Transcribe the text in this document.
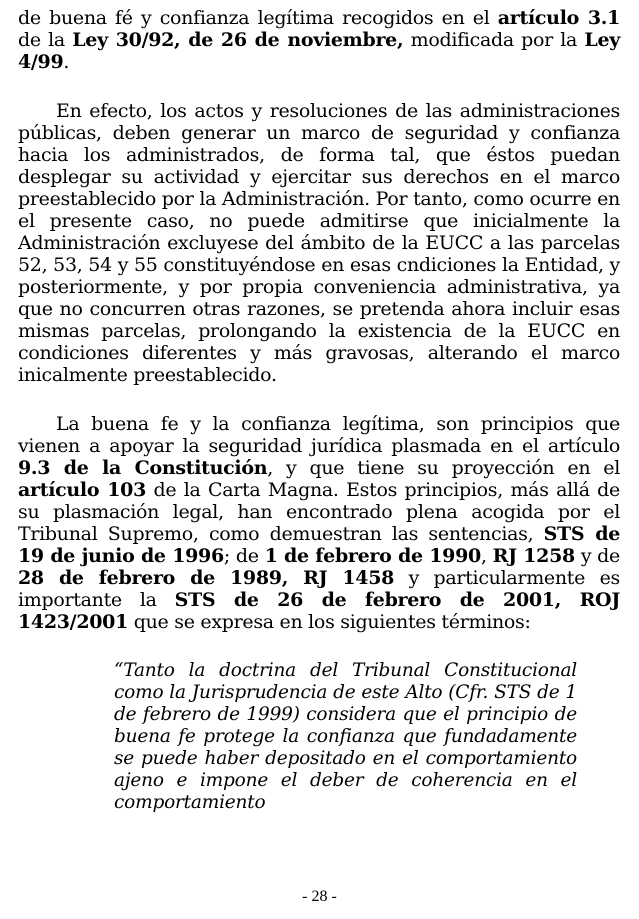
de buena fé y confianza legítima recogidos en el artículo 3.1 de la Ley 30/92, de 26 de noviembre, modificada por la Ley 4/99.

En efecto, los actos y resoluciones de las administraciones públicas, deben generar un marco de seguridad y confianza hacia los administrados, de forma tal, que éstos puedan desplegar su actividad y ejercitar sus derechos en el marco preestablecido por la Administración. Por tanto, como ocurre en el presente caso, no puede admitirse que inicialmente la Administración excluyese del ámbito de la EUCC a las parcelas 52, 53, 54 y 55 constituyéndose en esas cndiciones la Entidad, y posteriormente, y por propia conveniencia administrativa, ya que no concurren otras razones, se pretenda ahora incluir esas mismas parcelas, prolongando la existencia de la EUCC en condiciones diferentes y más gravosas, alterando el marco inicalmente preestablecido.

La buena fe y la confianza legítima, son principios que vienen a apoyar la seguridad jurídica plasmada en el artículo 9.3 de la Constitución, y que tiene su proyección en el artículo 103 de la Carta Magna. Estos principios, más allá de su plasmación legal, han encontrado plena acogida por el Tribunal Supremo, como demuestran las sentencias, STS de 19 de junio de 1996; de 1 de febrero de 1990, RJ 1258 y de 28 de febrero de 1989, RJ 1458 y particularmente es importante la STS de 26 de febrero de 2001, ROJ 1423/2001 que se expresa en los siguientes términos:

“Tanto la doctrina del Tribunal Constitucional como la Jurisprudencia de este Alto (Cfr. STS de 1 de febrero de 1999) considera que el principio de buena fe protege la confianza que fundadamente se puede haber depositado en el comportamiento ajeno e impone el deber de coherencia en el comportamiento

- 28 -
